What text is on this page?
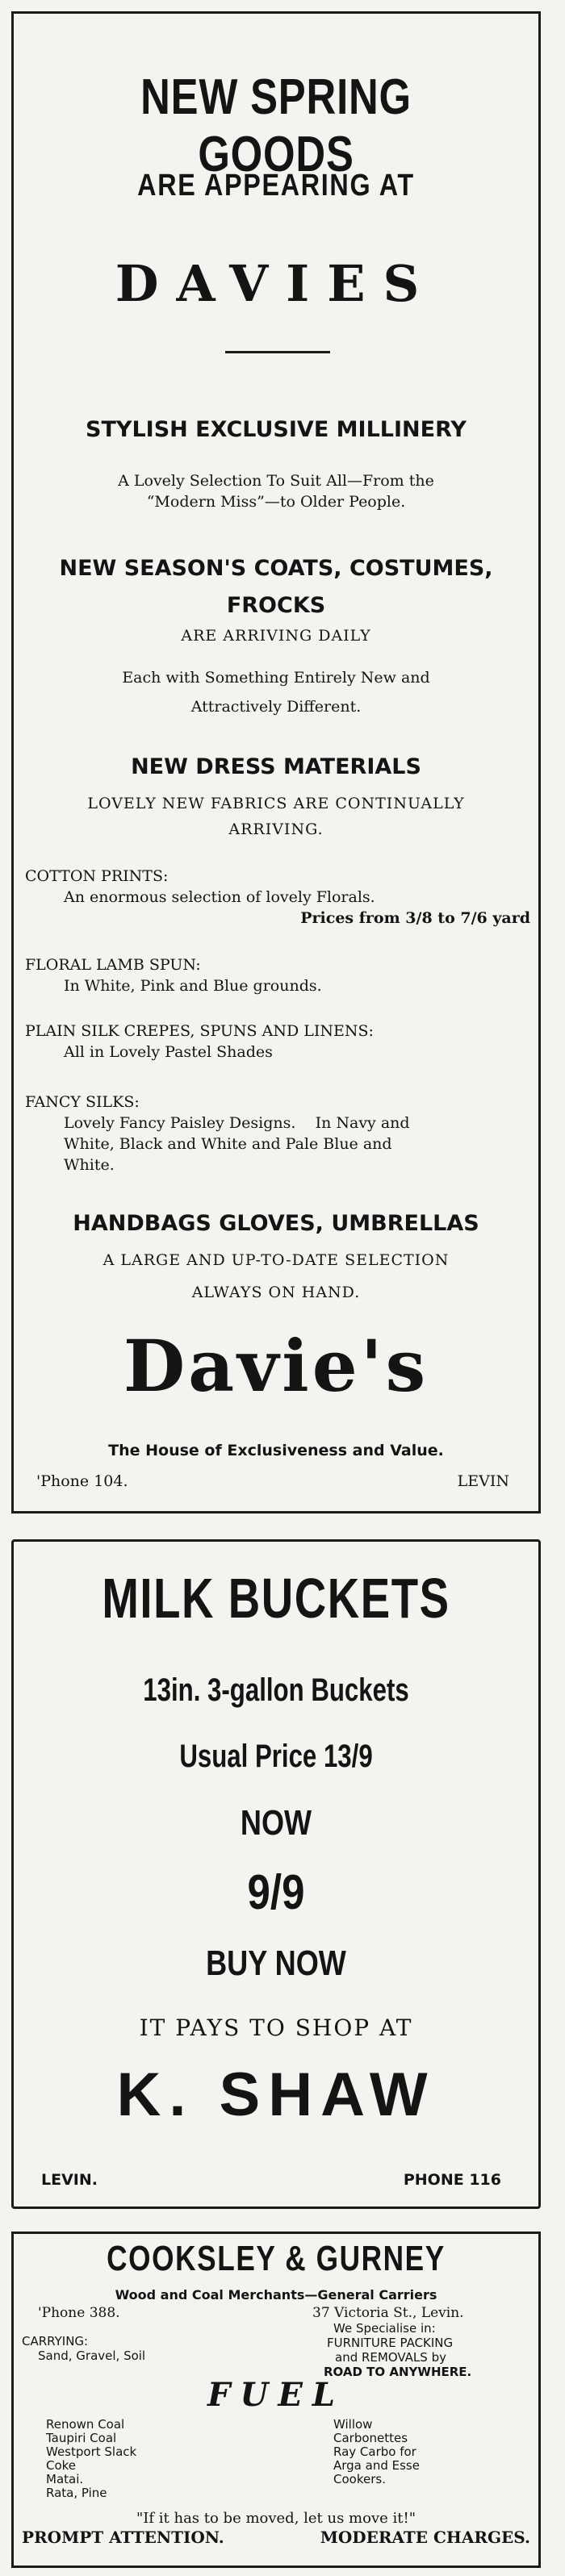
NEW SPRING GOODS
ARE APPEARING AT
DAVIES
STYLISH EXCLUSIVE MILLINERY
A Lovely Selection To Suit All—From the
“Modern Miss”—to Older People.
NEW SEASON'S COATS, COSTUMES,
FROCKS
ARE ARRIVING DAILY
Each with Something Entirely New and
Attractively Different.
NEW DRESS MATERIALS
LOVELY NEW FABRICS ARE CONTINUALLY
ARRIVING.
COTTON PRINTS:
An enormous selection of lovely Florals.
Prices from 3/8 to 7/6 yard
FLORAL LAMB SPUN:
In White, Pink and Blue grounds.
PLAIN SILK CREPES, SPUNS AND LINENS:
All in Lovely Pastel Shades
FANCY SILKS:
Lovely Fancy Paisley Designs.    In Navy and
White, Black and White and Pale Blue and
White.
HANDBAGS GLOVES, UMBRELLAS
A LARGE AND UP-TO-DATE SELECTION
ALWAYS ON HAND.
Davie's
The House of Exclusiveness and Value.
'Phone 104.	LEVIN
MILK BUCKETS
13in. 3-gallon Buckets
Usual Price 13/9
NOW
9/9
BUY NOW
IT PAYS TO SHOP AT
K. SHAW
LEVIN.	PHONE 116
COOKSLEY & GURNEY
Wood and Coal Merchants—General Carriers
'Phone 388.	37 Victoria St., Levin.
We Specialise in:
FURNITURE PACKING
and REMOVALS by
ROAD TO ANYWHERE.
CARRYING:
Sand, Gravel, Soil
FUEL
Renown Coal
Taupiri Coal
Westport Slack
Coke
Matai.
Rata, Pine
Willow
Carbonettes
Ray Carbo for
Arga and Esse
Cookers.
"If it has to be moved, let us move it!"
PROMPT ATTENTION.	MODERATE CHARGES.
